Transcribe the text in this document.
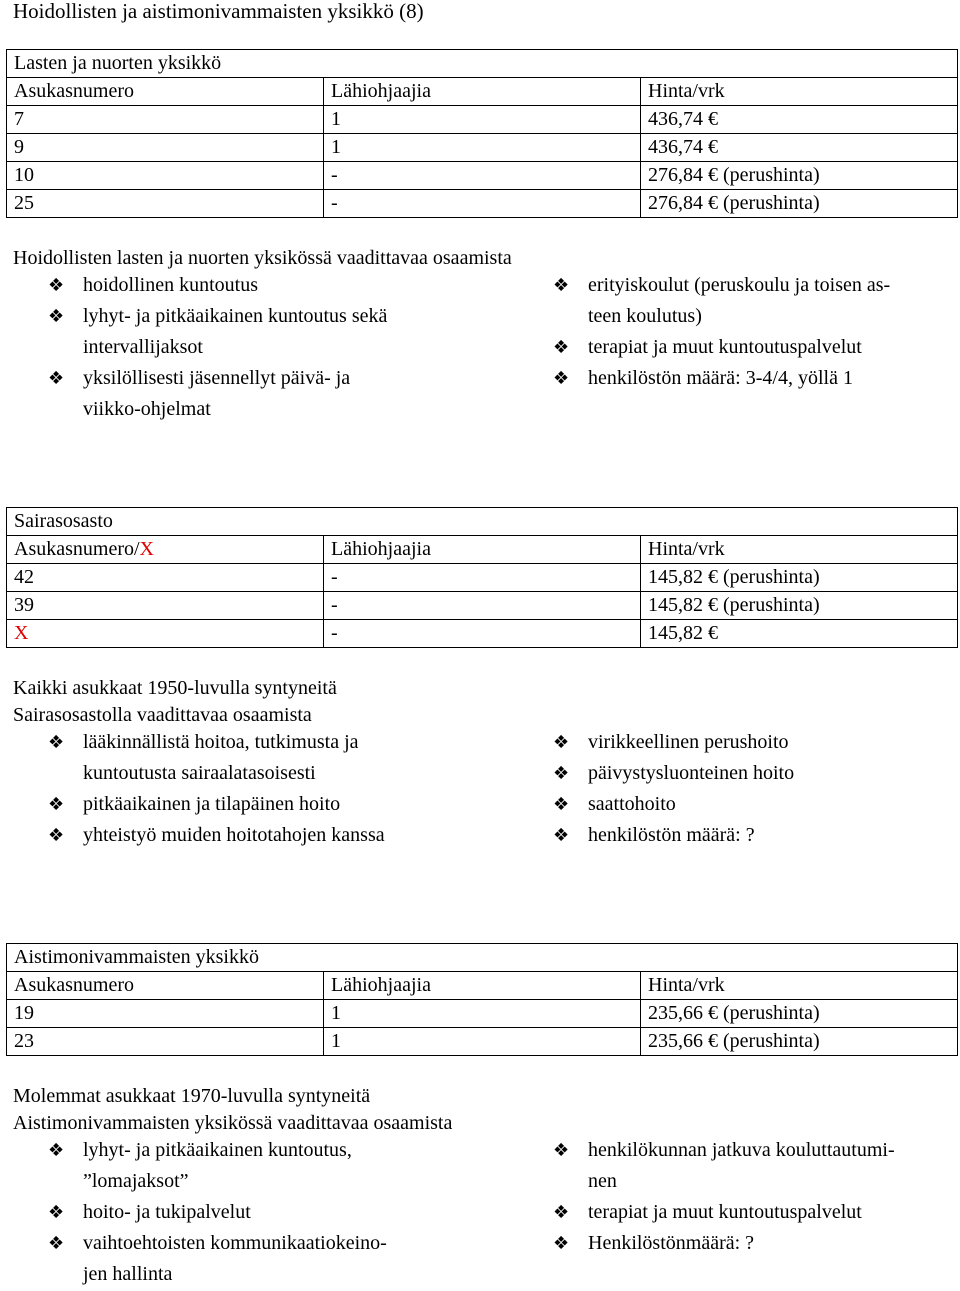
Hoidollisten ja aistimonivammaisten yksikkö (8)
Lasten ja nuorten yksikkö		
Asukasnumero	Lähiohjaajia	Hinta/vrk
7	1	436,74 €
9	1	436,74 €
10	-	276,84 € (perushinta)
25	-	276,84 € (perushinta)
Hoidollisten lasten ja nuorten yksikössä vaadittavaa osaamista
❖ hoidollinen kuntoutus
❖ lyhyt- ja pitkäaikainen kuntoutus sekä
intervallijaksot
❖ yksilöllisesti jäsennellyt päivä- ja
viikko-ohjelmat
❖ erityiskoulut (peruskoulu ja toisen as-
teen koulutus)
❖ terapiat ja muut kuntoutuspalvelut
❖ henkilöstön määrä: 3-4/4, yöllä 1
Sairasosasto		
Asukasnumero/X	Lähiohjaajia	Hinta/vrk
42	-	145,82 € (perushinta)
39	-	145,82 € (perushinta)
X	-	145,82 €
Kaikki asukkaat 1950-luvulla syntyneitä
Sairasosastolla vaadittavaa osaamista
❖ lääkinnällistä hoitoa, tutkimusta ja
kuntoutusta sairaalatasoisesti
❖ pitkäaikainen ja tilapäinen hoito
❖ yhteistyö muiden hoitotahojen kanssa
❖ virikkeellinen perushoito
❖ päivystysluonteinen hoito
❖ saattohoito
❖ henkilöstön määrä: ?
Aistimonivammaisten yksikkö		
Asukasnumero	Lähiohjaajia	Hinta/vrk
19	1	235,66 € (perushinta)
23	1	235,66 € (perushinta)
Molemmat asukkaat 1970-luvulla syntyneitä
Aistimonivammaisten yksikössä vaadittavaa osaamista
❖ lyhyt- ja pitkäaikainen kuntoutus,
”lomajaksot”
❖ hoito- ja tukipalvelut
❖ vaihtoehtoisten kommunikaatiokeino-
jen hallinta
❖ henkilökunnan jatkuva kouluttautumi-
nen
❖ terapiat ja muut kuntoutuspalvelut
❖ Henkilöstönmäärä: ?
